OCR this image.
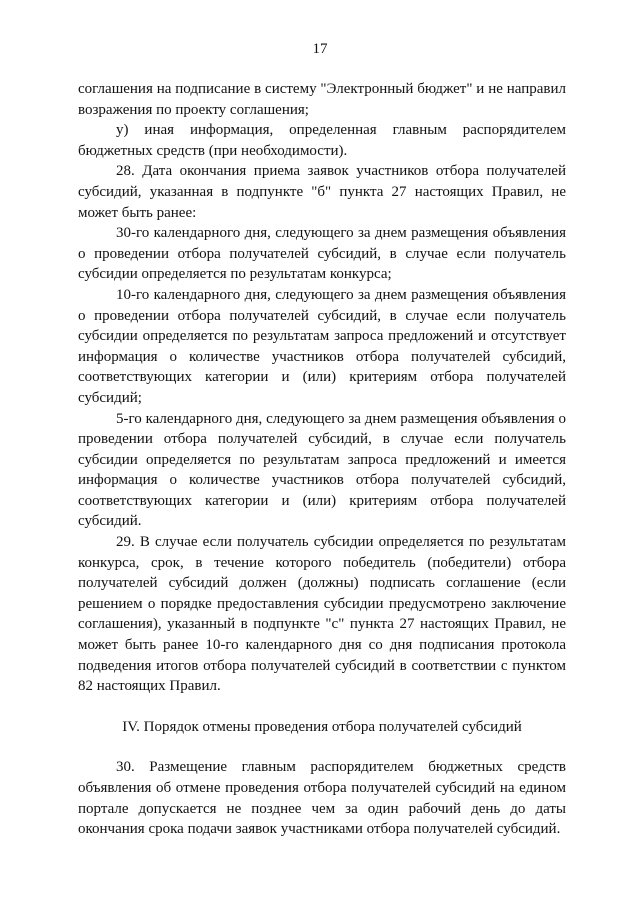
17

соглашения на подписание в систему "Электронный бюджет" и не направил возражения по проекту соглашения;

у) иная информация, определенная главным распорядителем бюджетных средств (при необходимости).

28. Дата окончания приема заявок участников отбора получателей субсидий, указанная в подпункте "б" пункта 27 настоящих Правил, не может быть ранее:

30-го календарного дня, следующего за днем размещения объявления о проведении отбора получателей субсидий, в случае если получатель субсидии определяется по результатам конкурса;

10-го календарного дня, следующего за днем размещения объявления о проведении отбора получателей субсидий, в случае если получатель субсидии определяется по результатам запроса предложений и отсутствует информация о количестве участников отбора получателей субсидий, соответствующих категории и (или) критериям отбора получателей субсидий;

5-го календарного дня, следующего за днем размещения объявления о проведении отбора получателей субсидий, в случае если получатель субсидии определяется по результатам запроса предложений и имеется информация о количестве участников отбора получателей субсидий, соответствующих категории и (или) критериям отбора получателей субсидий.

29. В случае если получатель субсидии определяется по результатам конкурса, срок, в течение которого победитель (победители) отбора получателей субсидий должен (должны) подписать соглашение (если решением о порядке предоставления субсидии предусмотрено заключение соглашения), указанный в подпункте "с" пункта 27 настоящих Правил, не может быть ранее 10-го календарного дня со дня подписания протокола подведения итогов отбора получателей субсидий в соответствии с пунктом 82 настоящих Правил.

IV. Порядок отмены проведения отбора получателей субсидий

30. Размещение главным распорядителем бюджетных средств объявления об отмене проведения отбора получателей субсидий на едином портале допускается не позднее чем за один рабочий день до даты окончания срока подачи заявок участниками отбора получателей субсидий.
